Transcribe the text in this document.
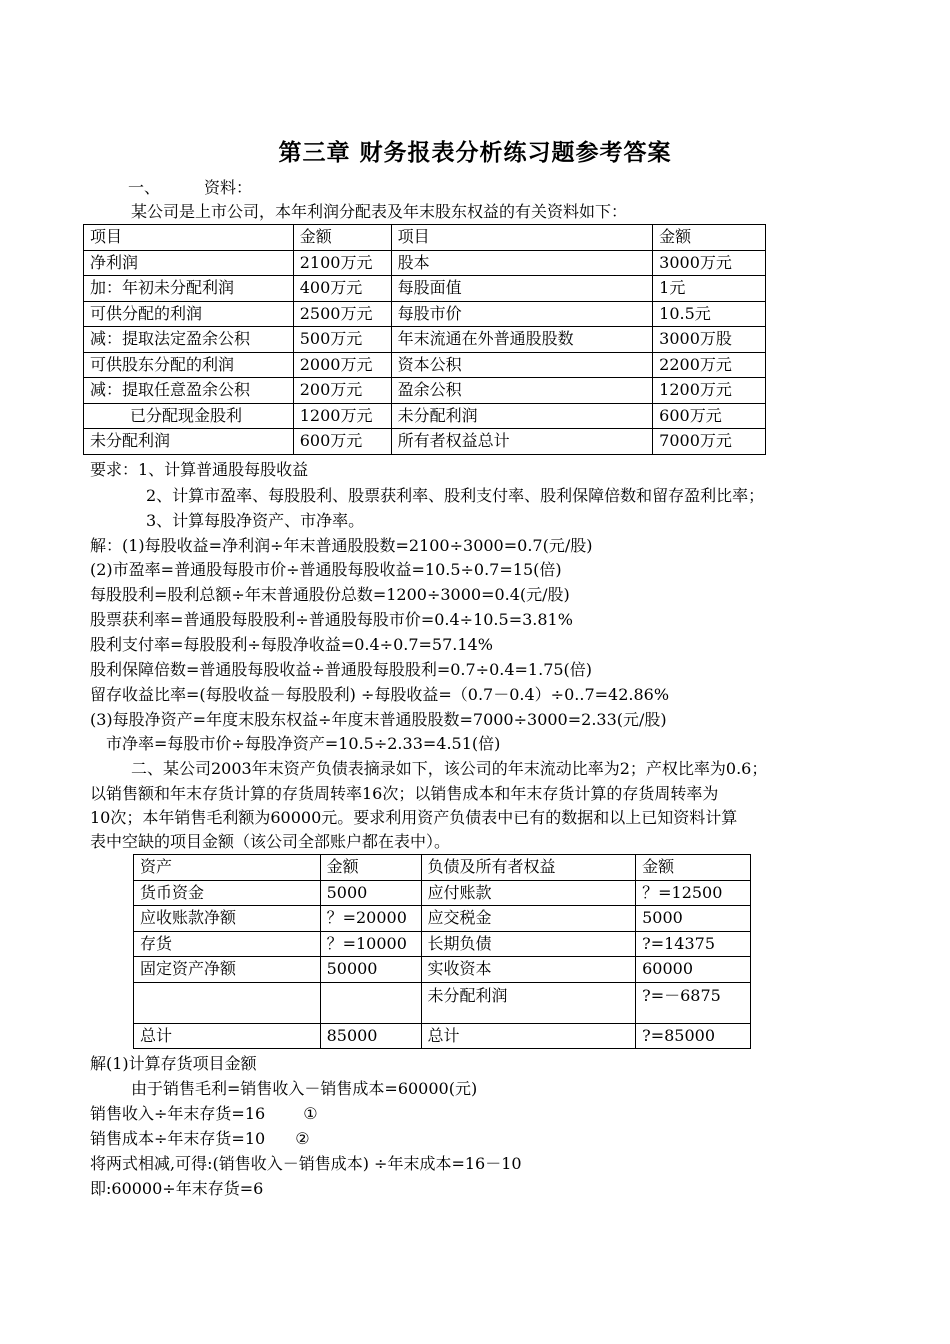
第三章 财务报表分析练习题参考答案
一、	资料：
某公司是上市公司，本年利润分配表及年末股东权益的有关资料如下：
项目	金额	项目	金额
净利润	2100万元	股本	3000万元
加：年初未分配利润	400万元	每股面值	1元
可供分配的利润	2500万元	每股市价	10.5元
减：提取法定盈余公积	500万元	年末流通在外普通股股数	3000万股
可供股东分配的利润	2000万元	资本公积	2200万元
减：提取任意盈余公积	200万元	盈余公积	1200万元
已分配现金股利	1200万元	未分配利润	600万元
未分配利润	600万元	所有者权益总计	7000万元
要求：1、计算普通股每股收益
2、计算市盈率、每股股利、股票获利率、股利支付率、股利保障倍数和留存盈利比率；
3、计算每股净资产、市净率。
解：(1)每股收益=净利润÷年末普通股股数=2100÷3000=0.7(元/股)
(2)市盈率=普通股每股市价÷普通股每股收益=10.5÷0.7=15(倍)
每股股利=股利总额÷年末普通股份总数=1200÷3000=0.4(元/股)
股票获利率=普通股每股股利÷普通股每股市价=0.4÷10.5=3.81%
股利支付率=每股股利÷每股净收益=0.4÷0.7=57.14%
股利保障倍数=普通股每股收益÷普通股每股股利=0.7÷0.4=1.75(倍)
留存收益比率=(每股收益－每股股利) ÷每股收益=（0.7－0.4）÷0..7=42.86%
(3)每股净资产=年度末股东权益÷年度末普通股股数=7000÷3000=2.33(元/股)
市净率=每股市价÷每股净资产=10.5÷2.33=4.51(倍)
二、某公司2003年末资产负债表摘录如下，该公司的年末流动比率为2；产权比率为0.6；
以销售额和年末存货计算的存货周转率16次；以销售成本和年末存货计算的存货周转率为
10次；本年销售毛利额为60000元。要求利用资产负债表中已有的数据和以上已知资料计算
表中空缺的项目金额（该公司全部账户都在表中）。
资产	金额	负债及所有者权益	金额
货币资金	5000	应付账款	？=12500
应收账款净额	？=20000	应交税金	5000
存货	？=10000	长期负债	?=14375
固定资产净额	50000	实收资本	60000
		未分配利润	?=－6875
总计	85000	总计	?=85000
解(1)计算存货项目金额
由于销售毛利=销售收入－销售成本=60000(元)
销售收入÷年末存货=16 ①
销售成本÷年末存货=10 ②
将两式相减,可得:(销售收入－销售成本) ÷年末成本=16－10
即:60000÷年末存货=6
